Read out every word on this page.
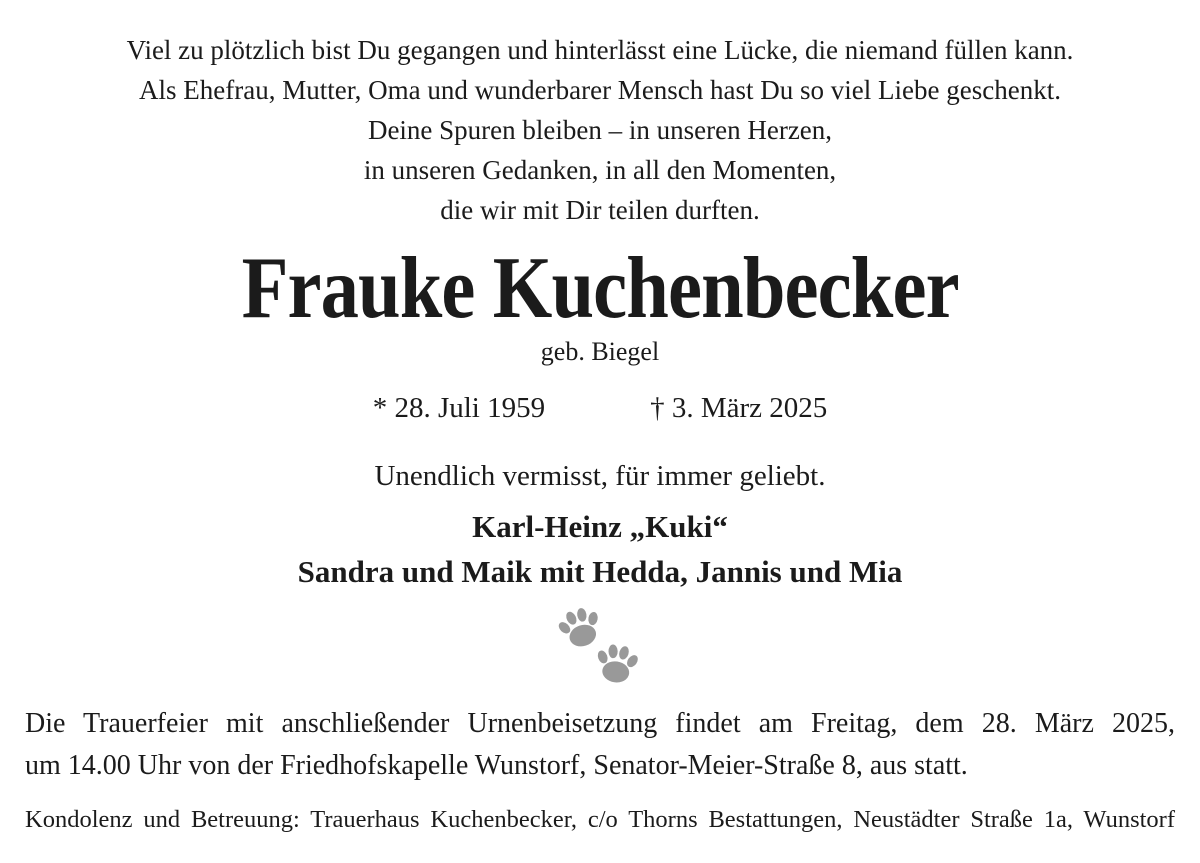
Viel zu plötzlich bist Du gegangen und hinterlässt eine Lücke, die niemand füllen kann.
Als Ehefrau, Mutter, Oma und wunderbarer Mensch hast Du so viel Liebe geschenkt.
Deine Spuren bleiben – in unseren Herzen,
in unseren Gedanken, in all den Momenten,
die wir mit Dir teilen durften.
Frauke Kuchenbecker
geb. Biegel
* 28. Juli 1959	† 3. März 2025
Unendlich vermisst, für immer geliebt.
Karl-Heinz „Kuki“
Sandra und Maik mit Hedda, Jannis und Mia
Die Trauerfeier mit anschließender Urnenbeisetzung findet am Freitag, dem 28. März 2025,
um 14.00 Uhr von der Friedhofskapelle Wunstorf, Senator-Meier-Straße 8, aus statt.
Kondolenz und Betreuung: Trauerhaus Kuchenbecker, c/o Thorns Bestattungen, Neustädter Straße 1a, Wunstorf
